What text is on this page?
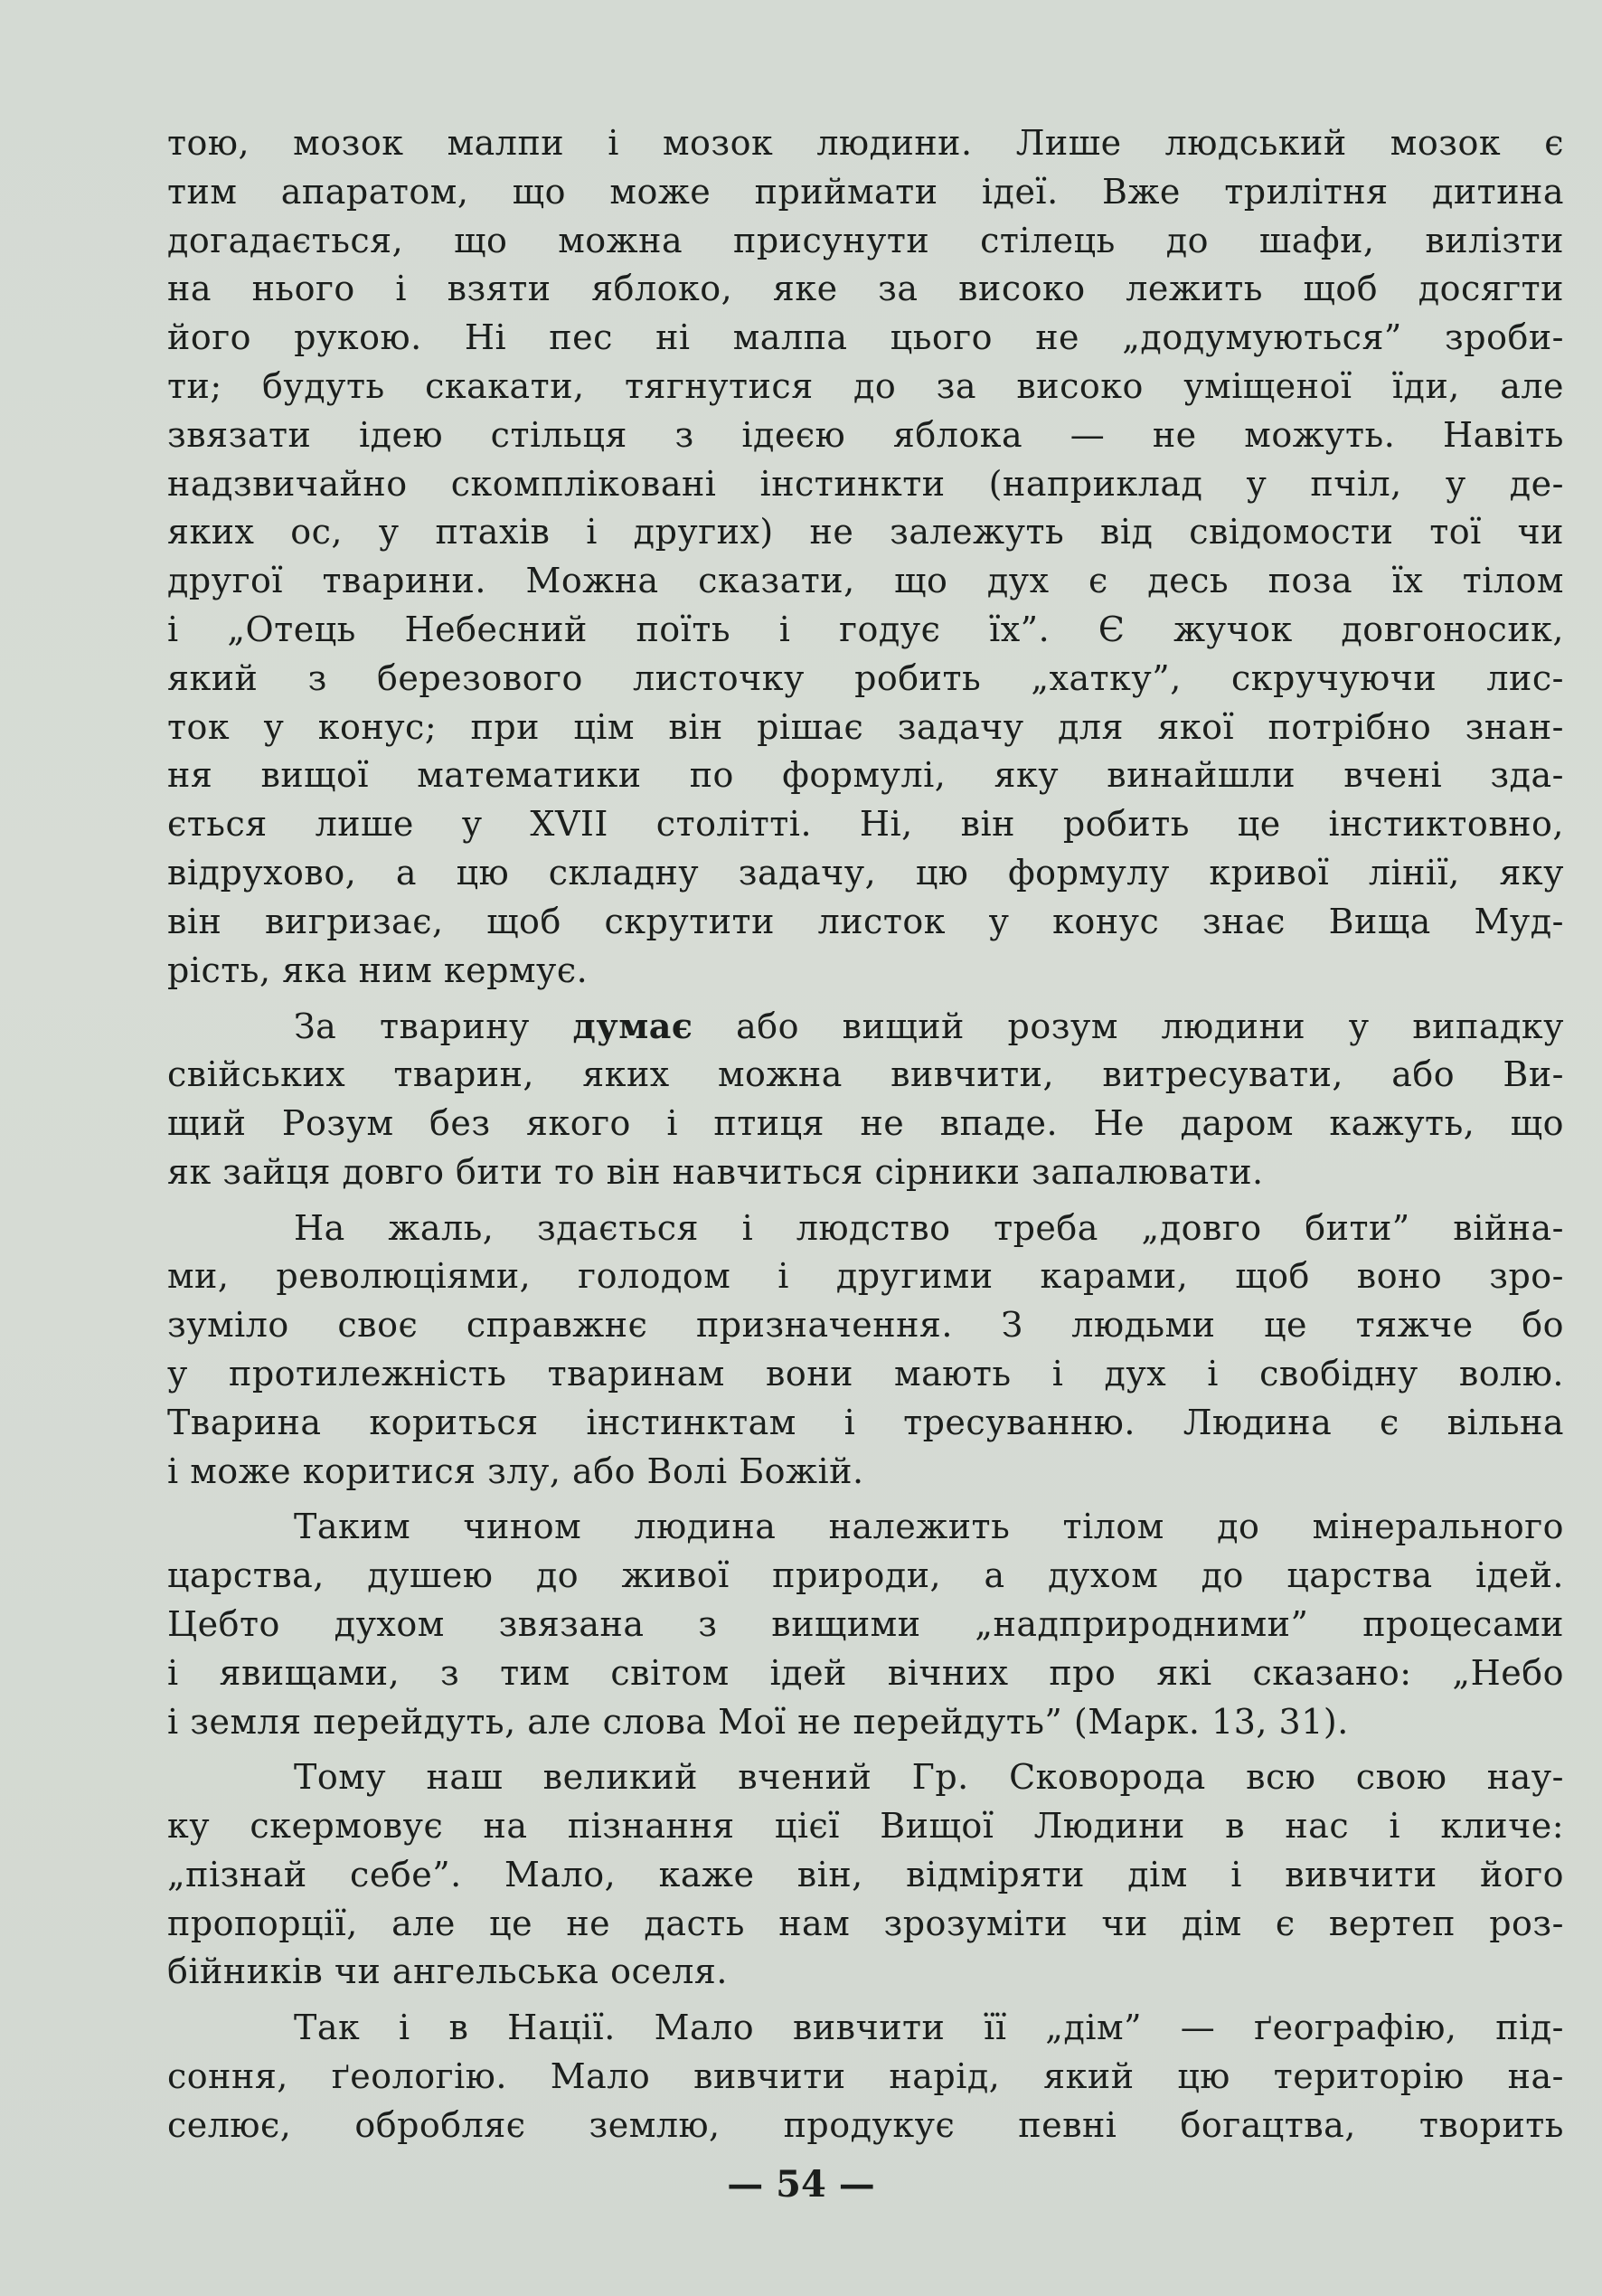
тою, мозок малпи і мозок людини. Лише людський мозок є
тим апаратом, що може приймати ідеї. Вже трилітня дитина
догадається, що можна присунути стілець до шафи, вилізти
на нього і взяти яблоко, яке за високо лежить щоб досягти
його рукою. Ні пес ні малпа цього не „додумуються” зроби-
ти; будуть скакати, тягнутися до за високо уміщеної їди, але
звязати ідею стільця з ідеєю яблока — не можуть. Навіть
надзвичайно скомпліковані інстинкти (наприклад у пчіл, у де-
яких ос, у птахів і других) не залежуть від свідомости тої чи
другої тварини. Можна сказати, що дух є десь поза їх тілом
і „Отець Небесний поїть і годує їх”. Є жучок довгоносик,
який з березового листочку робить „хатку”, скручуючи лис-
ток у конус; при цім він рішає задачу для якої потрібно знан-
ня вищої математики по формулі, яку винайшли вчені зда-
ється лише у XVII столітті. Ні, він робить це інстиктовно,
відрухово, а цю складну задачу, цю формулу кривої лінії, яку
він вигризає, щоб скрутити листок у конус знає Вища Муд-
рість, яка ним кермує.
За тварину думає або вищий розум людини у випадку
свійських тварин, яких можна вивчити, витресувати, або Ви-
щий Розум без якого і птиця не впаде. Не даром кажуть, що
як зайця довго бити то він навчиться сірники запалювати.
На жаль, здається і людство треба „довго бити” війна-
ми, революціями, голодом і другими карами, щоб воно зро-
зуміло своє справжнє призначення. З людьми це тяжче бо
у протилежність тваринам вони мають і дух і свобідну волю.
Тварина кориться інстинктам і тресуванню. Людина є вільна
і може коритися злу, або Волі Божій.
Таким чином людина належить тілом до мінерального
царства, душею до живої природи, а духом до царства ідей.
Цебто духом звязана з вищими „надприродними” процесами
і явищами, з тим світом ідей вічних про які сказано: „Небо
і земля перейдуть, але слова Мої не перейдуть” (Марк. 13, 31).
Тому наш великий вчений Гр. Сковорода всю свою нау-
ку скермовує на пізнання цієї Вищої Людини в нас і кличе:
„пізнай себе”. Мало, каже він, відміряти дім і вивчити його
пропорції, але це не дасть нам зрозуміти чи дім є вертеп роз-
бійників чи ангельська оселя.
Так і в Нації. Мало вивчити її „дім” — ґеографію, під-
соння, ґеологію. Мало вивчити нарід, який цю територію на-
селює, обробляє землю, продукує певні богацтва, творить
— 54 —
